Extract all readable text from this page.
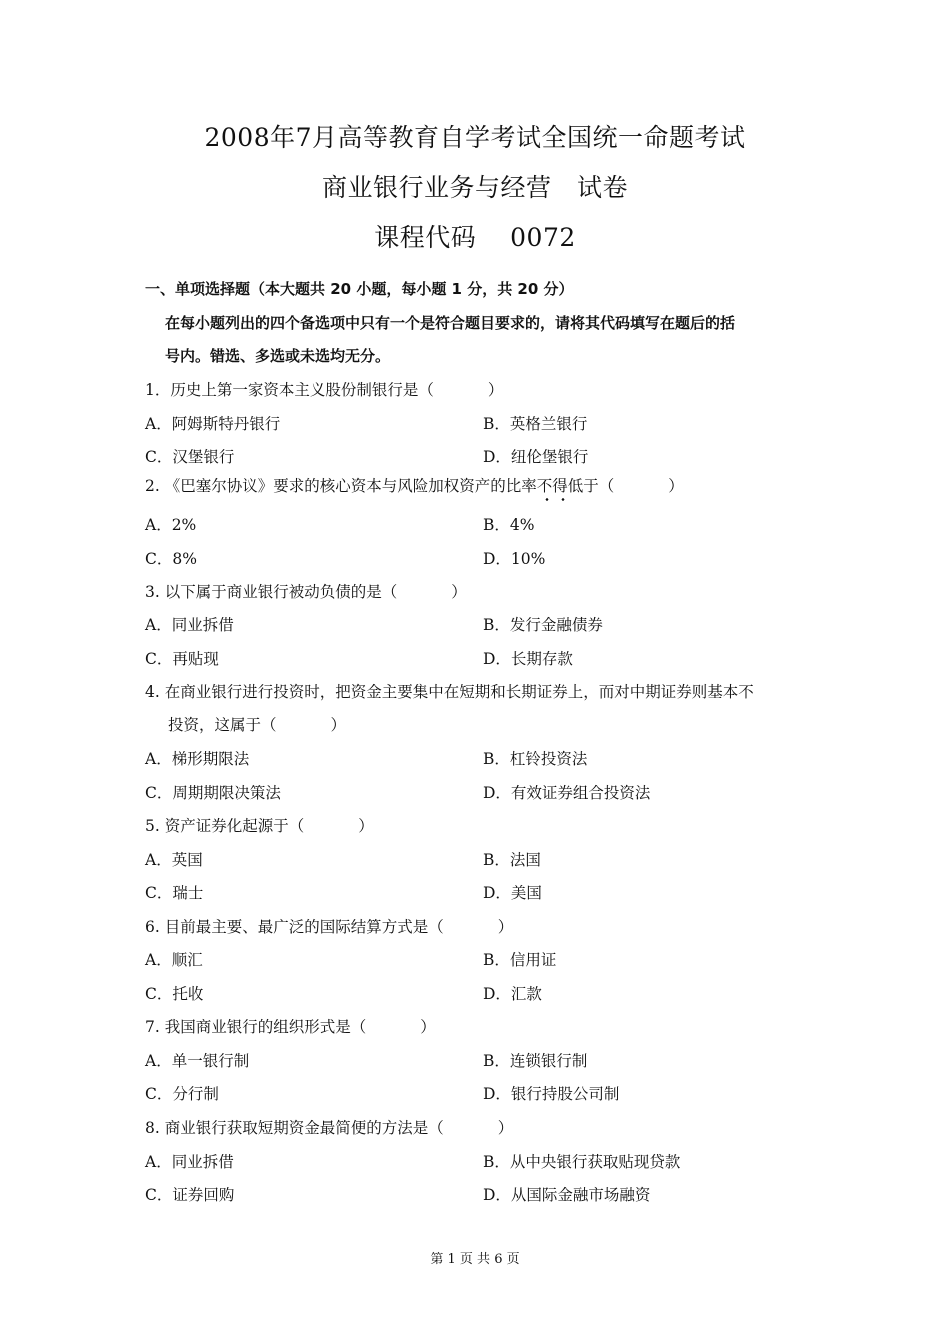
2008年7月高等教育自学考试全国统一命题考试
商业银行业务与经营　试卷
课程代码　 0072
一、单项选择题（本大题共 20 小题，每小题 1 分，共 20 分）
在每小题列出的四个备选项中只有一个是符合题目要求的，请将其代码填写在题后的括
号内。错选、多选或未选均无分。
1．历史上第一家资本主义股份制银行是（	）
A．阿姆斯特丹银行	B．英格兰银行
C．汉堡银行	D．纽伦堡银行
2. 《巴塞尔协议》要求的核心资本与风险加权资产的比率不得低于（	）
A．2%	B．4%
C．8%	D．10%
3. 以下属于商业银行被动负债的是（	）
A．同业拆借	B．发行金融债券
C．再贴现	D．长期存款
4. 在商业银行进行投资时，把资金主要集中在短期和长期证券上，而对中期证券则基本不
投资，这属于（	）
A．梯形期限法	B．杠铃投资法
C．周期期限决策法	D．有效证券组合投资法
5. 资产证券化起源于（	）
A．英国	B．法国
C．瑞士	D．美国
6. 目前最主要、最广泛的国际结算方式是（	）
A．顺汇	B．信用证
C．托收	D．汇款
7. 我国商业银行的组织形式是（	）
A．单一银行制	B．连锁银行制
C．分行制	D．银行持股公司制
8. 商业银行获取短期资金最简便的方法是（	）
A．同业拆借	B．从中央银行获取贴现贷款
C．证券回购	D．从国际金融市场融资
第 1 页 共 6 页
